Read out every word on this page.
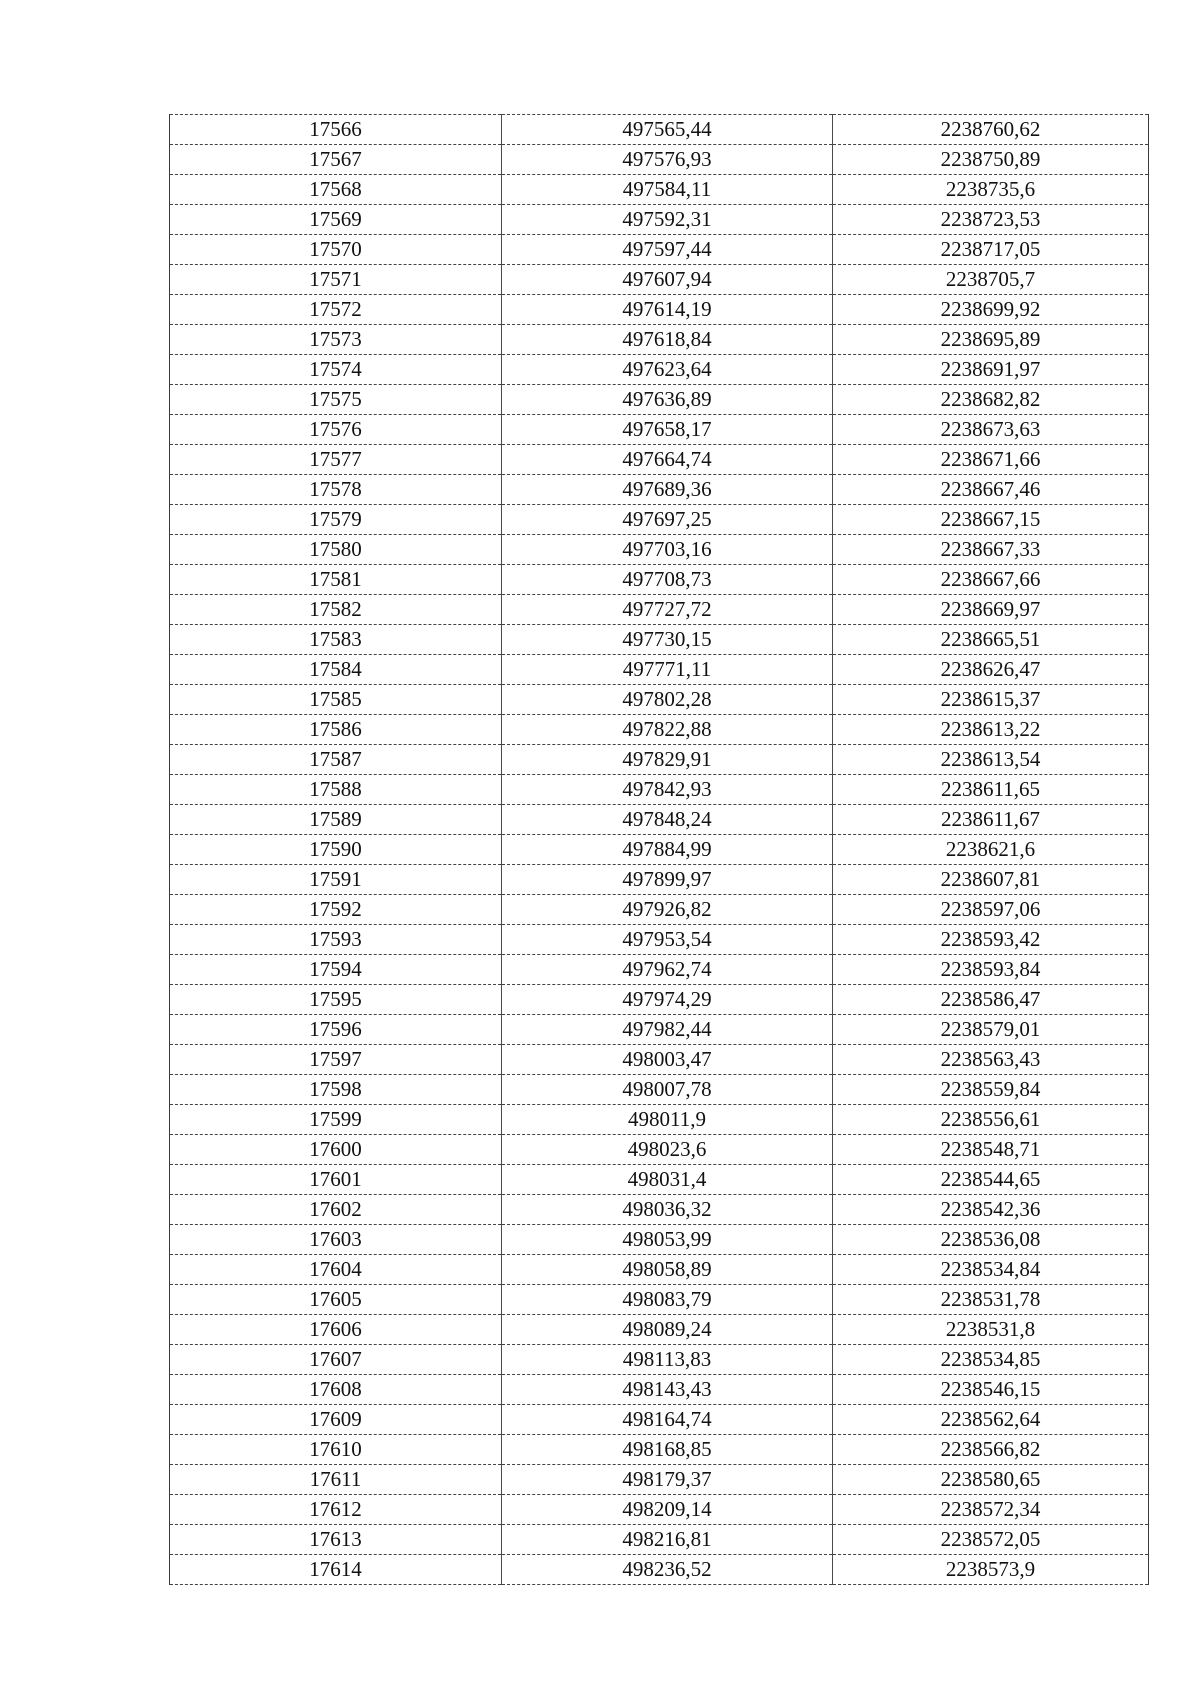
17566	497565,44	2238760,62
17567	497576,93	2238750,89
17568	497584,11	2238735,6
17569	497592,31	2238723,53
17570	497597,44	2238717,05
17571	497607,94	2238705,7
17572	497614,19	2238699,92
17573	497618,84	2238695,89
17574	497623,64	2238691,97
17575	497636,89	2238682,82
17576	497658,17	2238673,63
17577	497664,74	2238671,66
17578	497689,36	2238667,46
17579	497697,25	2238667,15
17580	497703,16	2238667,33
17581	497708,73	2238667,66
17582	497727,72	2238669,97
17583	497730,15	2238665,51
17584	497771,11	2238626,47
17585	497802,28	2238615,37
17586	497822,88	2238613,22
17587	497829,91	2238613,54
17588	497842,93	2238611,65
17589	497848,24	2238611,67
17590	497884,99	2238621,6
17591	497899,97	2238607,81
17592	497926,82	2238597,06
17593	497953,54	2238593,42
17594	497962,74	2238593,84
17595	497974,29	2238586,47
17596	497982,44	2238579,01
17597	498003,47	2238563,43
17598	498007,78	2238559,84
17599	498011,9	2238556,61
17600	498023,6	2238548,71
17601	498031,4	2238544,65
17602	498036,32	2238542,36
17603	498053,99	2238536,08
17604	498058,89	2238534,84
17605	498083,79	2238531,78
17606	498089,24	2238531,8
17607	498113,83	2238534,85
17608	498143,43	2238546,15
17609	498164,74	2238562,64
17610	498168,85	2238566,82
17611	498179,37	2238580,65
17612	498209,14	2238572,34
17613	498216,81	2238572,05
17614	498236,52	2238573,9
